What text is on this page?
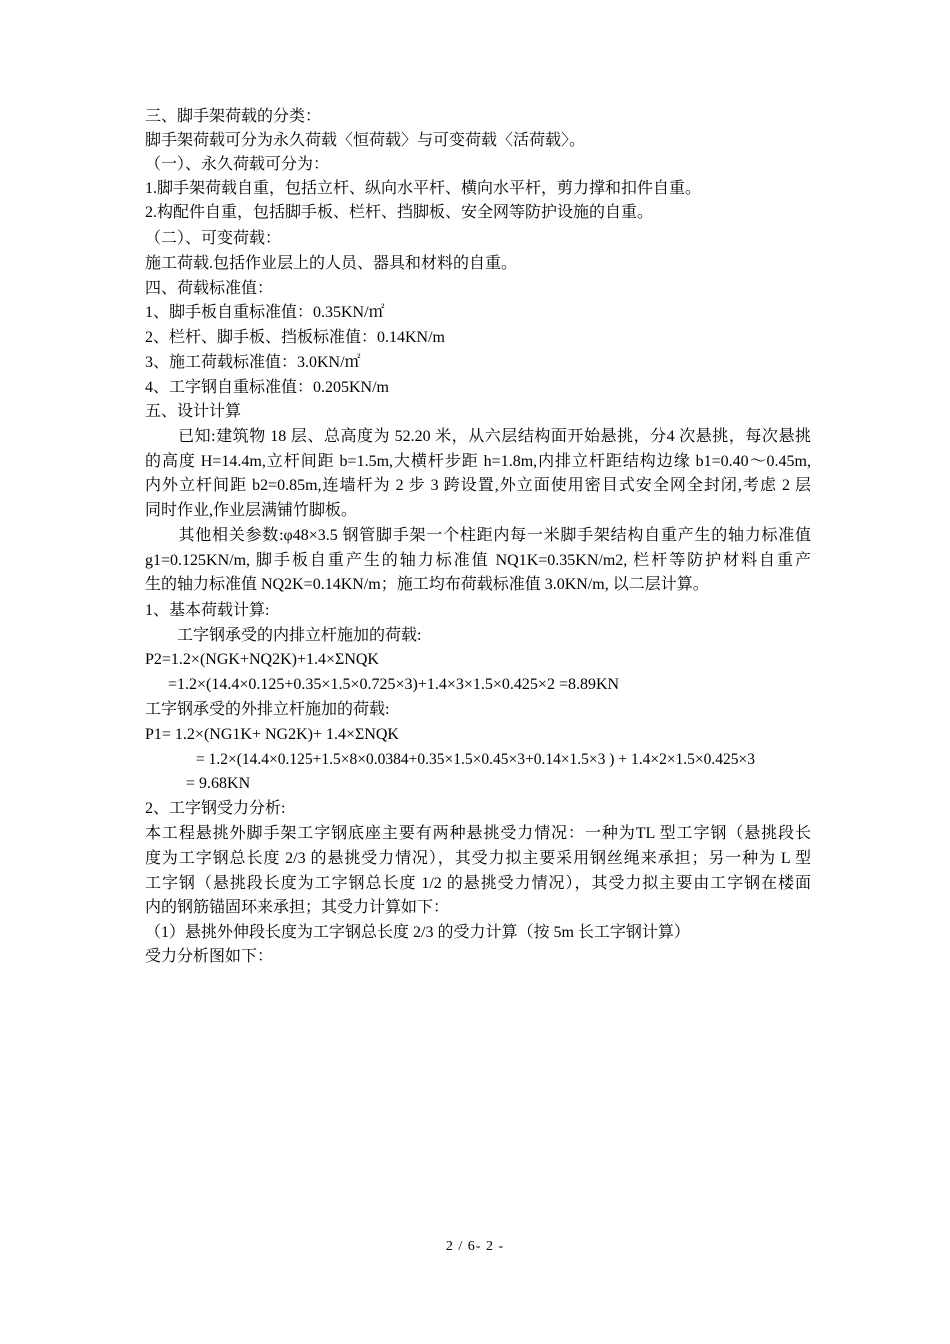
三、脚手架荷载的分类：
脚手架荷载可分为永久荷载〈恒荷载〉与可变荷载〈活荷载〉。
（一）、永久荷载可分为：
1.脚手架荷载自重，包括立杆、纵向水平杆、横向水平杆，剪力撑和扣件自重。
2.构配件自重，包括脚手板、栏杆、挡脚板、安全网等防护设施的自重。
（二）、可变荷载：
施工荷载.包括作业层上的人员、器具和材料的自重。
四、荷载标准值：
1、脚手板自重标准值：0.35KN/㎡
2、栏杆、脚手板、挡板标准值：0.14KN/m
3、施工荷载标准值：3.0KN/㎡
4、工字钢自重标准值：0.205KN/m
五、设计计算
　　已知:建筑物 18 层、总高度为 52.20 米，从六层结构面开始悬挑，分4 次悬挑，每次悬挑
的高度 H=14.4m,立杆间距 b=1.5m,大横杆步距 h=1.8m,内排立杆距结构边缘 b1=0.40～0.45m,
内外立杆间距 b2=0.85m,连墙杆为 2 步 3 跨设置,外立面使用密目式安全网全封闭,考虑 2 层
同时作业,作业层满铺竹脚板。
　　其他相关参数:φ48×3.5 钢管脚手架一个柱距内每一米脚手架结构自重产生的轴力标准值
g1=0.125KN/m, 脚手板自重产生的轴力标准值 NQ1K=0.35KN/m2, 栏杆等防护材料自重产
生的轴力标准值 NQ2K=0.14KN/m；施工均布荷载标准值 3.0KN/m, 以二层计算。
1、基本荷载计算:
　　工字钢承受的内排立杆施加的荷载:
P2=1.2×(NGK+NQ2K)+1.4×ΣNQK
=1.2×(14.4×0.125+0.35×1.5×0.725×3)+1.4×3×1.5×0.425×2 =8.89KN
工字钢承受的外排立杆施加的荷载:
P1= 1.2×(NG1K+ NG2K)+ 1.4×ΣNQK
= 1.2×(14.4×0.125+1.5×8×0.0384+0.35×1.5×0.45×3+0.14×1.5×3 ) + 1.4×2×1.5×0.425×3
= 9.68KN
2、工字钢受力分析:
本工程悬挑外脚手架工字钢底座主要有两种悬挑受力情况：一种为TL 型工字钢（悬挑段长
度为工字钢总长度 2/3 的悬挑受力情况），其受力拟主要采用钢丝绳来承担；另一种为 L 型
工字钢（悬挑段长度为工字钢总长度 1/2 的悬挑受力情况），其受力拟主要由工字钢在楼面
内的钢筋锚固环来承担；其受力计算如下：
（1）悬挑外伸段长度为工字钢总长度 2/3 的受力计算（按 5m 长工字钢计算）
受力分析图如下：
2 / 6- 2 -
